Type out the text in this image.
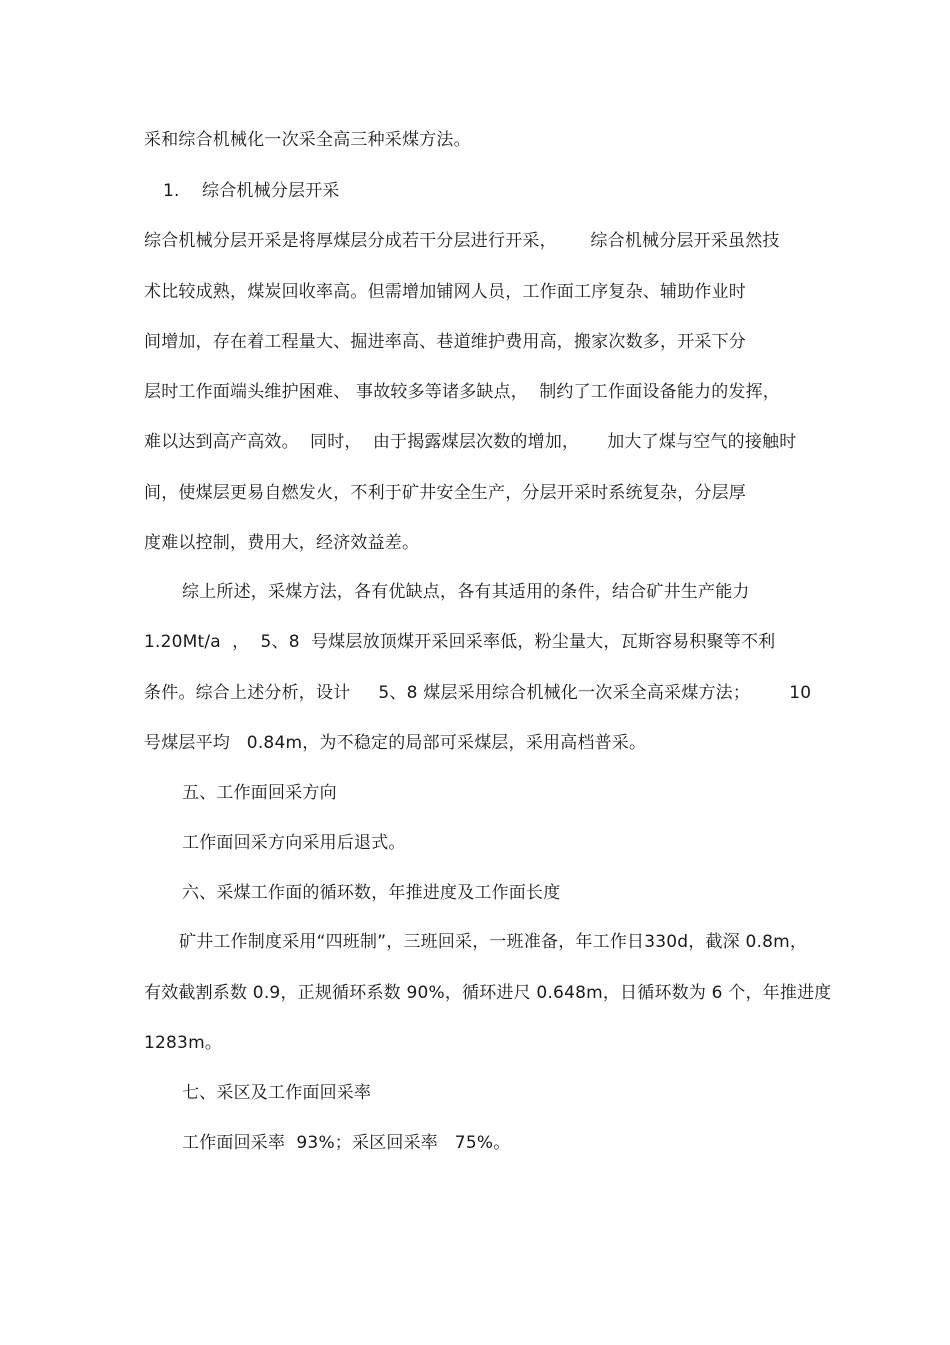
采和综合机械化一次采全高三种采煤方法。
1.    综合机械分层开采
综合机械分层开采是将厚煤层分成若干分层进行开采，      综合机械分层开采虽然技
术比较成熟，煤炭回收率高。但需增加铺网人员，工作面工序复杂、辅助作业时
间增加，存在着工程量大、掘进率高、巷道维护费用高，搬家次数多，开采下分
层时工作面端头维护困难、 事故较多等诸多缺点，  制约了工作面设备能力的发挥，
难以达到高产高效。  同时，  由于揭露煤层次数的增加，     加大了煤与空气的接触时
间，使煤层更易自燃发火，不利于矿井安全生产，分层开采时系统复杂，分层厚
度难以控制，费用大，经济效益差。
综上所述，采煤方法，各有优缺点，各有其适用的条件，结合矿井生产能力
1.20Mt/a  ，  5、8  号煤层放顶煤开采回采率低，粉尘量大，瓦斯容易积聚等不利
条件。综合上述分析，设计     5、8 煤层采用综合机械化一次采全高采煤方法；       10
号煤层平均   0.84m，为不稳定的局部可采煤层，采用高档普采。
五、工作面回采方向
工作面回采方向采用后退式。
六、采煤工作面的循环数，年推进度及工作面长度
矿井工作制度采用“四班制”，三班回采，一班准备，年工作日330d，截深 0.8m，
有效截割系数 0.9，正规循环系数 90%，循环进尺 0.648m，日循环数为 6 个，年推进度
1283m。
七、采区及工作面回采率
工作面回采率  93%；采区回采率   75%。
